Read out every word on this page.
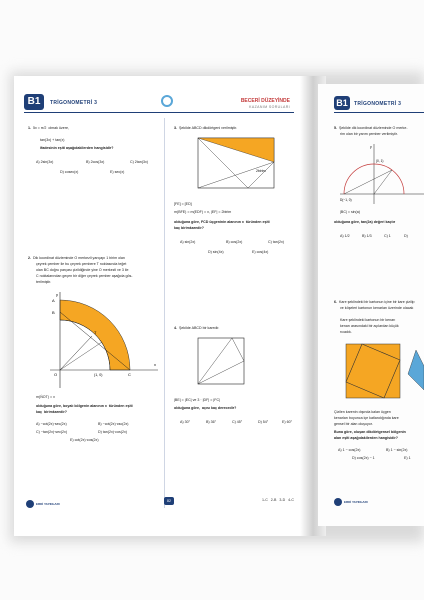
B1	TRİGONOMETRİ 3	BECERİ DÜZEYİNDE
KAZANIM SORULARI
1. 5x = π/2  olmak üzere,
tan(3x) + tan(x)
ifadesinin eşiti aşağıdakilerden hangisidir?
A) 2sin(3x)	B) 2cos(3x)	C) 2tan(3x)
D) cosec(x)	E) sec(x)
2. Dik koordinat düzleminde O merkezli yarıçapı 1 birim olan
çeyrek çember ile bu çeyrek çembere T noktasında teğet
olan BC doğru parçası çizildiğinde yine O merkezli ve 3 ile
C noktalarından geçen bir diğer çeyrek çember aşağıda gös-
terilmiştir.
y
x
B
A
T
O	(1, 0)	C
m(ŃOT) = x
olduğuna göre, boyalı bölgenin alanının x  türünden eşiti
kaç  birimkaredir?
A) −cot(2x)·sec(2x)	B) −cot(2x)·csc(2x)
C) −tan(2x)·sec(2x)	D) tan(2x)·cos(2x)
E) cot(2x)·cos(2x)
3. Şekilde ABCD dikdörtgeni verilmiştir.
2birim
[FE] = [ED]
m(BFE) = m(EDF) = x, |EF| = 2birim
olduğuna göre, FCD üçgeninin alanının x  türünden eşiti
kaç birimkaredir?
A) sin(2x)	B) cos(2x)	C) tan(2x)
D) sin(4x)	E) cos(4x)
4. Şekilde ABCD bir karedir.
|BE| = |EC| ve 3 · |DF| = |FC|
olduğuna göre,  açısı kaç derecedir?
A) 30°	B) 36°	C) 45°	D) 54°	E) 60°
ERDİ YAYINLARI
82	1-C   2-B   3-D   4-C
B1	TRİGONOMETRİ 3
5. Şekilde dik koordinat düzleminde O merke-
rim olan bir yarım çember verilmiştir.
y
(0, 1)
D(−1, 0)
|BC| = sin(a)
olduğuna göre, tan(2a) değeri kaçtır
A) 1/2	B) 1/3	C) 1	D)
6. Kare şeklindeki bir kartonun içine bir kare çizilip
ve köşeleri kartonun kenarları üzerinde olacak
Kare şeklindeki kartonun bir kenarı
kenarı arasındaki bir açılardan küçük
rıcadık.
Çizilen karenin dışında kalan üçgen
kenarları boyunca içe katlandığında kare
gensel bir alan oluşuyor.
Buna göre, oluşan dikdörtgensel bölgenin
alan eşiti aşağıdakilerden hangisidir?
A) 1 − cos(2x)	B) 1 − sin(2x)
D) cos(2x) − 1	E) 1
ERDİ YAYINLARI
